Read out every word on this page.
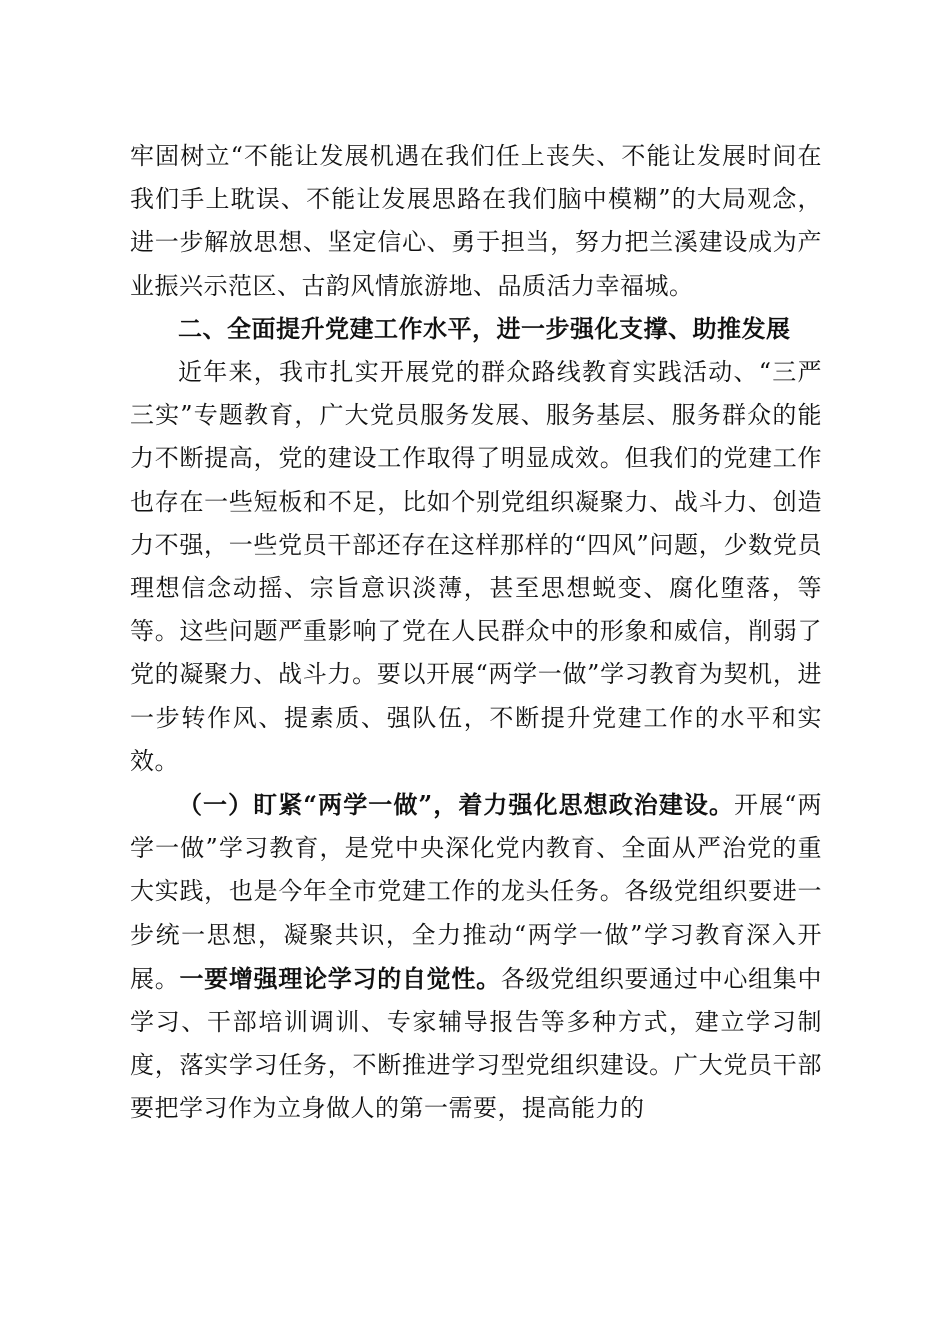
牢固树立“不能让发展机遇在我们任上丧失、不能让发展时间在我们手上耽误、不能让发展思路在我们脑中模糊”的大局观念，进一步解放思想、坚定信心、勇于担当，努力把兰溪建设成为产业振兴示范区、古韵风情旅游地、品质活力幸福城。

二、全面提升党建工作水平，进一步强化支撑、助推发展

近年来，我市扎实开展党的群众路线教育实践活动、“三严三实”专题教育，广大党员服务发展、服务基层、服务群众的能力不断提高，党的建设工作取得了明显成效。但我们的党建工作也存在一些短板和不足，比如个别党组织凝聚力、战斗力、创造力不强，一些党员干部还存在这样那样的“四风”问题，少数党员理想信念动摇、宗旨意识淡薄，甚至思想蜕变、腐化堕落，等等。这些问题严重影响了党在人民群众中的形象和威信，削弱了党的凝聚力、战斗力。要以开展“两学一做”学习教育为契机，进一步转作风、提素质、强队伍，不断提升党建工作的水平和实效。

（一）盯紧“两学一做”，着力强化思想政治建设。开展“两学一做”学习教育，是党中央深化党内教育、全面从严治党的重大实践，也是今年全市党建工作的龙头任务。各级党组织要进一步统一思想，凝聚共识，全力推动“两学一做”学习教育深入开展。一要增强理论学习的自觉性。各级党组织要通过中心组集中学习、干部培训调训、专家辅导报告等多种方式，建立学习制度，落实学习任务，不断推进学习型党组织建设。广大党员干部要把学习作为立身做人的第一需要，提高能力的
